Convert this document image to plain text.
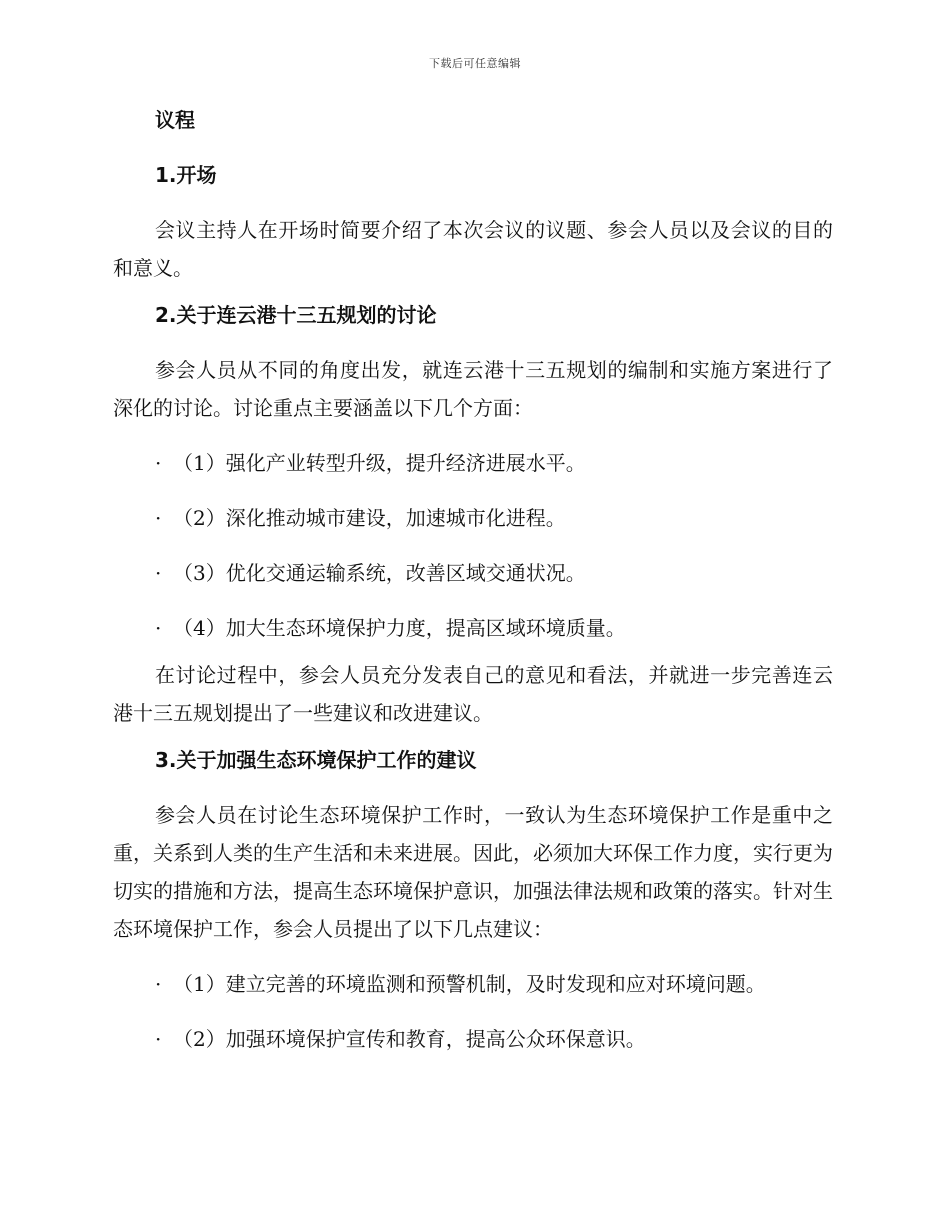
下载后可任意编辑

议程

1.开场

会议主持人在开场时简要介绍了本次会议的议题、参会人员以及会议的目的和意义。

2.关于连云港十三五规划的讨论

参会人员从不同的角度出发，就连云港十三五规划的编制和实施方案进行了深化的讨论。讨论重点主要涵盖以下几个方面：

· （1）强化产业转型升级，提升经济进展水平。

· （2）深化推动城市建设，加速城市化进程。

· （3）优化交通运输系统，改善区域交通状况。

· （4）加大生态环境保护力度，提高区域环境质量。

在讨论过程中，参会人员充分发表自己的意见和看法，并就进一步完善连云港十三五规划提出了一些建议和改进建议。

3.关于加强生态环境保护工作的建议

参会人员在讨论生态环境保护工作时，一致认为生态环境保护工作是重中之重，关系到人类的生产生活和未来进展。因此，必须加大环保工作力度，实行更为切实的措施和方法，提高生态环境保护意识，加强法律法规和政策的落实。针对生态环境保护工作，参会人员提出了以下几点建议：

· （1）建立完善的环境监测和预警机制，及时发现和应对环境问题。

· （2）加强环境保护宣传和教育，提高公众环保意识。
